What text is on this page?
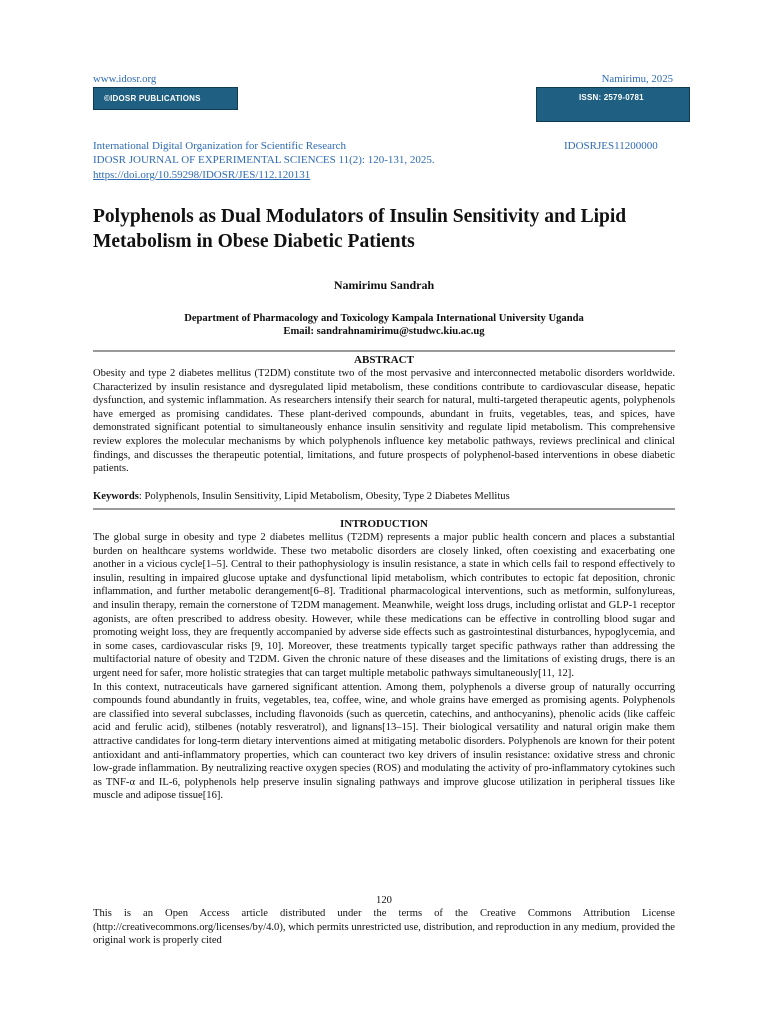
www.idosr.org	Namirimu, 2025
©IDOSR PUBLICATIONS	ISSN: 2579-0781
International Digital Organization for Scientific Research	IDOSRJES11200000
IDOSR JOURNAL OF EXPERIMENTAL SCIENCES 11(2): 120-131, 2025.
https://doi.org/10.59298/IDOSR/JES/112.120131
Polyphenols as Dual Modulators of Insulin Sensitivity and Lipid Metabolism in Obese Diabetic Patients
Namirimu Sandrah
Department of Pharmacology and Toxicology Kampala International University Uganda
Email: sandrahnamirimu@studwc.kiu.ac.ug
ABSTRACT

Obesity and type 2 diabetes mellitus (T2DM) constitute two of the most pervasive and interconnected metabolic disorders worldwide. Characterized by insulin resistance and dysregulated lipid metabolism, these conditions contribute to cardiovascular disease, hepatic dysfunction, and systemic inflammation. As researchers intensify their search for natural, multi-targeted therapeutic agents, polyphenols have emerged as promising candidates. These plant-derived compounds, abundant in fruits, vegetables, teas, and spices, have demonstrated significant potential to simultaneously enhance insulin sensitivity and regulate lipid metabolism. This comprehensive review explores the molecular mechanisms by which polyphenols influence key metabolic pathways, reviews preclinical and clinical findings, and discusses the therapeutic potential, limitations, and future prospects of polyphenol-based interventions in obese diabetic patients.

Keywords: Polyphenols, Insulin Sensitivity, Lipid Metabolism, Obesity, Type 2 Diabetes Mellitus
INTRODUCTION

The global surge in obesity and type 2 diabetes mellitus (T2DM) represents a major public health concern and places a substantial burden on healthcare systems worldwide. These two metabolic disorders are closely linked, often coexisting and exacerbating one another in a vicious cycle[1–5]. Central to their pathophysiology is insulin resistance, a state in which cells fail to respond effectively to insulin, resulting in impaired glucose uptake and dysfunctional lipid metabolism, which contributes to ectopic fat deposition, chronic inflammation, and further metabolic derangement[6–8]. Traditional pharmacological interventions, such as metformin, sulfonylureas, and insulin therapy, remain the cornerstone of T2DM management. Meanwhile, weight loss drugs, including orlistat and GLP-1 receptor agonists, are often prescribed to address obesity. However, while these medications can be effective in controlling blood sugar and promoting weight loss, they are frequently accompanied by adverse side effects such as gastrointestinal disturbances, hypoglycemia, and in some cases, cardiovascular risks [9, 10]. Moreover, these treatments typically target specific pathways rather than addressing the multifactorial nature of obesity and T2DM. Given the chronic nature of these diseases and the limitations of existing drugs, there is an urgent need for safer, more holistic strategies that can target multiple metabolic pathways simultaneously[11, 12].

In this context, nutraceuticals have garnered significant attention. Among them, polyphenols a diverse group of naturally occurring compounds found abundantly in fruits, vegetables, tea, coffee, wine, and whole grains have emerged as promising agents. Polyphenols are classified into several subclasses, including flavonoids (such as quercetin, catechins, and anthocyanins), phenolic acids (like caffeic acid and ferulic acid), stilbenes (notably resveratrol), and lignans[13–15]. Their biological versatility and natural origin make them attractive candidates for long-term dietary interventions aimed at mitigating metabolic disorders. Polyphenols are known for their potent antioxidant and anti-inflammatory properties, which can counteract two key drivers of insulin resistance: oxidative stress and chronic low-grade inflammation. By neutralizing reactive oxygen species (ROS) and modulating the activity of pro-inflammatory cytokines such as TNF-α and IL-6, polyphenols help preserve insulin signaling pathways and improve glucose utilization in peripheral tissues like muscle and adipose tissue[16].

120

This is an Open Access article distributed under the terms of the Creative Commons Attribution License (http://creativecommons.org/licenses/by/4.0), which permits unrestricted use, distribution, and reproduction in any medium, provided the original work is properly cited
